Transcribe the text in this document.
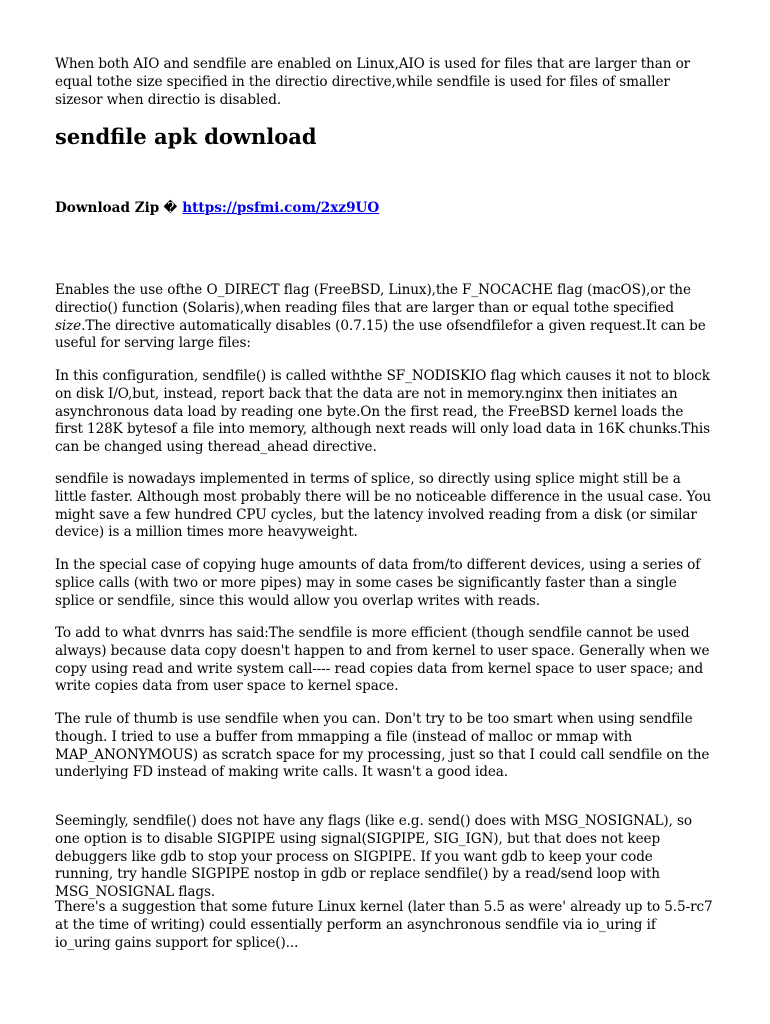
When both AIO and sendfile are enabled on Linux,AIO is used for files that are larger than or equal tothe size specified in the directio directive,while sendfile is used for files of smaller sizesor when directio is disabled.

sendfile apk download
Download Zip � https://psfmi.com/2xz9UO

Enables the use ofthe O_DIRECT flag (FreeBSD, Linux),the F_NOCACHE flag (macOS),or the directio() function (Solaris),when reading files that are larger than or equal tothe specified size.The directive automatically disables (0.7.15) the use ofsendfilefor a given request.It can be useful for serving large files:

In this configuration, sendfile() is called withthe SF_NODISKIO flag which causes it not to block on disk I/O,but, instead, report back that the data are not in memory.nginx then initiates an asynchronous data load by reading one byte.On the first read, the FreeBSD kernel loads the first 128K bytesof a file into memory, although next reads will only load data in 16K chunks.This can be changed using theread_ahead directive.

sendfile is nowadays implemented in terms of splice, so directly using splice might still be a little faster. Although most probably there will be no noticeable difference in the usual case. You might save a few hundred CPU cycles, but the latency involved reading from a disk (or similar device) is a million times more heavyweight.

In the special case of copying huge amounts of data from/to different devices, using a series of splice calls (with two or more pipes) may in some cases be significantly faster than a single splice or sendfile, since this would allow you overlap writes with reads.

To add to what dvnrrs has said:The sendfile is more efficient (though sendfile cannot be used always) because data copy doesn't happen to and from kernel to user space. Generally when we copy using read and write system call---- read copies data from kernel space to user space; and write copies data from user space to kernel space.

The rule of thumb is use sendfile when you can. Don't try to be too smart when using sendfile though. I tried to use a buffer from mmapping a file (instead of malloc or mmap with MAP_ANONYMOUS) as scratch space for my processing, just so that I could call sendfile on the underlying FD instead of making write calls. It wasn't a good idea.

Seemingly, sendfile() does not have any flags (like e.g. send() does with MSG_NOSIGNAL), so one option is to disable SIGPIPE using signal(SIGPIPE, SIG_IGN), but that does not keep debuggers like gdb to stop your process on SIGPIPE. If you want gdb to keep your code running, try handle SIGPIPE nostop in gdb or replace sendfile() by a read/send loop with MSG_NOSIGNAL flags.

There's a suggestion that some future Linux kernel (later than 5.5 as were' already up to 5.5-rc7 at the time of writing) could essentially perform an asynchronous sendfile via io_uring if io_uring gains support for splice()...
